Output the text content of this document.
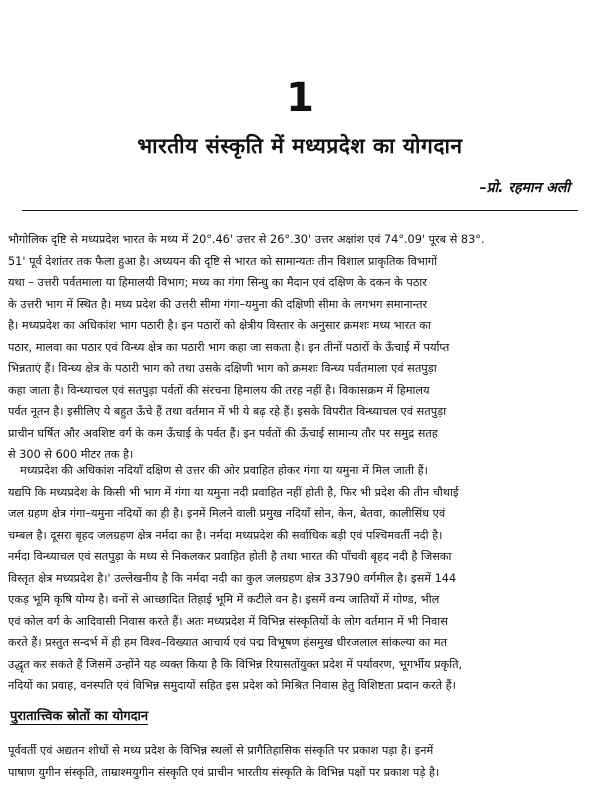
1
भारतीय संस्कृति में मध्यप्रदेश का योगदान
–प्रो. रहमान अली
भौगोलिक दृष्टि से मध्यप्रदेश भारत के मध्य में 20°.46' उत्तर से 26°.30' उत्तर अक्षांश एवं 74°.09' पूरब से 83°.
51' पूर्व देशांतर तक फैला हुआ है। अध्ययन की दृष्टि से भारत को सामान्यतः तीन विशाल प्राकृतिक विभागों
यथा – उत्तरी पर्वतमाला या हिमालयी विभाग; मध्य का गंगा सिन्धु का मैदान एवं दक्षिण के दकन के पठार
के उत्तरी भाग में स्थित है। मध्य प्रदेश की उत्तरी सीमा गंगा–यमुना की दक्षिणी सीमा के लगभग समानान्तर
है। मध्यप्रदेश का अधिकांश भाग पठारी है। इन पठारों को क्षेत्रीय विस्तार के अनुसार क्रमशः मध्य भारत का
पठार, मालवा का पठार एवं विन्ध्य क्षेत्र का पठारी भाग कहा जा सकता है। इन तीनों पठारों के ऊँचाई में पर्याप्त
भिन्नताएं हैं। विन्ध्य क्षेत्र के पठारी भाग को तथा उसके दक्षिणी भाग को क्रमशः विन्ध्य पर्वतमाला एवं सतपुड़ा
कहा जाता है। विन्ध्याचल एवं सतपुड़ा पर्वतों की संरचना हिमालय की तरह नहीं है। विकासक्रम में हिमालय
पर्वत नूतन है। इसीलिए ये बहुत ऊँचे हैं तथा वर्तमान में भी ये बढ़ रहे हैं। इसके विपरीत विन्ध्याचल एवं सतपुड़ा
प्राचीन घर्षित और अवशिष्ट वर्ग के कम ऊँचाई के पर्वत हैं। इन पर्वतों की ऊँचाई सामान्य तौर पर समुद्र सतह
से 300 से 600 मीटर तक है।
मध्यप्रदेश की अधिकांश नदियाँ दक्षिण से उत्तर की ओर प्रवाहित होकर गंगा या यमुना में मिल जाती हैं।
यद्यपि कि मध्यप्रदेश के किसी भी भाग में गंगा या यमुना नदी प्रवाहित नहीं होती है, फिर भी प्रदेश की तीन चौथाई
जल ग्रहण क्षेत्र गंगा–यमुना नदियों का ही है। इनमें मिलने वाली प्रमुख नदियाँ सोन, केन, बेतवा, कालीसिंध एवं
चम्बल है। दूसरा बृहद जलग्रहण क्षेत्र नर्मदा का है। नर्मदा मध्यप्रदेश की सर्वाधिक बड़ी एवं पश्चिमवर्ती नदी है।
नर्मदा विन्ध्याचल एवं सतपुड़ा के मध्य से निकलकर प्रवाहित होती है तथा भारत की पाँचवी बृहद नदी है जिसका
विस्तृत क्षेत्र मध्यप्रदेश है।' उल्लेखनीय है कि नर्मदा नदी का कुल जलग्रहण क्षेत्र 33790 वर्गमील है। इसमें 144
एकड़ भूमि कृषि योग्य है। वनों से आच्छादित तिहाई भूमि में कटीले वन है। इसमें वन्य जातियों में गोण्ड, भील
एवं कोल वर्ग के आदिवासी निवास करते हैं। अतः मध्यप्रदेश में विभिन्न संस्कृतियों के लोग वर्तमान में भी निवास
करते हैं। प्रस्तुत सन्दर्भ में ही हम विश्व–विख्यात आचार्य एवं पद्म विभूषण हंसमुख धीरजलाल सांकल्या का मत
उद्धृत कर सकते हैं जिसमें उन्होंने यह व्यक्त किया है कि विभिन्न रियासतोंयुक्त प्रदेश में पर्यावरण, भूगर्भीय प्रकृति,
नदियों का प्रवाह, वनस्पति एवं विभिन्न समुदायों सहित इस प्रदेश को मिश्रित निवास हेतु विशिष्टता प्रदान करते हैं।
पुरातात्त्विक स्रोतों का योगदान
पूर्ववर्ती एवं अद्यतन शोधों से मध्य प्रदेश के विभिन्न स्थलों से प्रागैतिहासिक संस्कृति पर प्रकाश पड़ा है। इनमें
पाषाण युगीन संस्कृति, ताम्राश्मयुगीन संस्कृति एवं प्राचीन भारतीय संस्कृति के विभिन्न पक्षों पर प्रकाश पड़े है।
